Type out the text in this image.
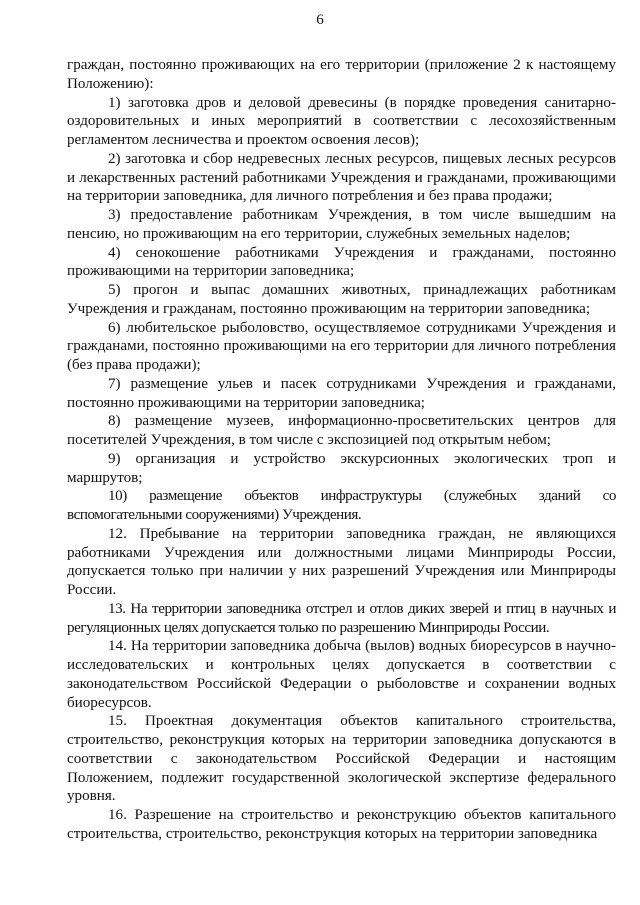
6

граждан, постоянно проживающих на его территории (приложение 2 к настоящему Положению):

1) заготовка дров и деловой древесины (в порядке проведения санитарно-оздоровительных и иных мероприятий в соответствии с лесохозяйственным регламентом лесничества и проектом освоения лесов);

2) заготовка и сбор недревесных лесных ресурсов, пищевых лесных ресурсов и лекарственных растений работниками Учреждения и гражданами, проживающими на территории заповедника, для личного потребления и без права продажи;

3) предоставление работникам Учреждения, в том числе вышедшим на пенсию, но проживающим на его территории, служебных земельных наделов;

4) сенокошение работниками Учреждения и гражданами, постоянно проживающими на территории заповедника;

5) прогон и выпас домашних животных, принадлежащих работникам Учреждения и гражданам, постоянно проживающим на территории заповедника;

6) любительское рыболовство, осуществляемое сотрудниками Учреждения и гражданами, постоянно проживающими на его территории для личного потребления (без права продажи);

7) размещение ульев и пасек сотрудниками Учреждения и гражданами, постоянно проживающими на территории заповедника;

8) размещение музеев, информационно-просветительских центров для посетителей Учреждения, в том числе с экспозицией под открытым небом;

9) организация и устройство экскурсионных экологических троп и маршрутов;

10) размещение объектов инфраструктуры (служебных зданий со вспомогательными сооружениями) Учреждения.

12. Пребывание на территории заповедника граждан, не являющихся работниками Учреждения или должностными лицами Минприроды России, допускается только при наличии у них разрешений Учреждения или Минприроды России.

13. На территории заповедника отстрел и отлов диких зверей и птиц в научных и регуляционных целях допускается только по разрешению Минприроды России.

14. На территории заповедника добыча (вылов) водных биоресурсов в научно-исследовательских и контрольных целях допускается в соответствии с законодательством Российской Федерации о рыболовстве и сохранении водных биоресурсов.

15. Проектная документация объектов капитального строительства, строительство, реконструкция которых на территории заповедника допускаются в соответствии с законодательством Российской Федерации и настоящим Положением, подлежит государственной экологической экспертизе федерального уровня.

16. Разрешение на строительство и реконструкцию объектов капитального строительства, строительство, реконструкция которых на территории заповедника
